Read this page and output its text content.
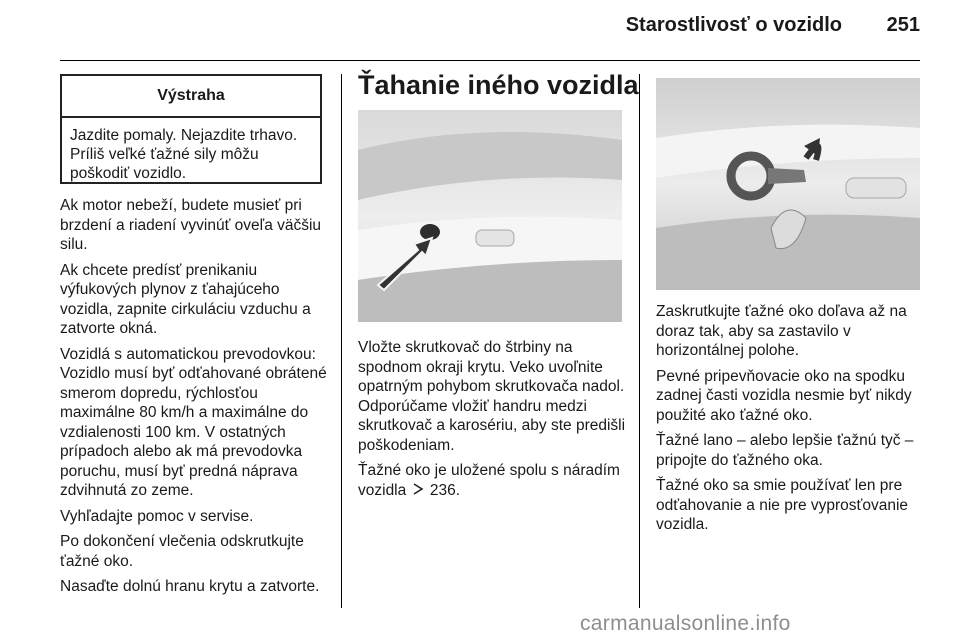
Starostlivosť o vozidlo 251
Výstraha
Jazdite pomaly. Nejazdite trhavo. Príliš veľké ťažné sily môžu poškodiť vozidlo.

Ak motor nebeží, budete musieť pri brzdení a riadení vyvinúť oveľa väčšiu silu.

Ak chcete predísť prenikaniu výfukových plynov z ťahajúceho vozidla, zapnite cirkuláciu vzduchu a zatvorte okná.

Vozidlá s automatickou prevodovkou: Vozidlo musí byť odťahované obrátené smerom dopredu, rýchlosťou maximálne 80 km/h a maximálne do vzdialenosti 100 km. V ostatných prípadoch alebo ak má prevodovka poruchu, musí byť predná náprava zdvihnutá zo zeme.

Vyhľadajte pomoc v servise.

Po dokončení vlečenia odskrutkujte ťažné oko.

Nasaďte dolnú hranu krytu a zatvorte.

Ťahanie iného vozidla

Vložte skrutkovač do štrbiny na spodnom okraji krytu. Veko uvoľnite opatrným pohybom skrutkovača nadol. Odporúčame vložiť handru medzi skrutkovač a karosériu, aby ste predišli poškodeniam.

Ťažné oko je uložené spolu s náradím vozidla 236.

Zaskrutkujte ťažné oko doľava až na doraz tak, aby sa zastavilo v horizontálnej polohe.

Pevné pripevňovacie oko na spodku zadnej časti vozidla nesmie byť nikdy použité ako ťažné oko.

Ťažné lano – alebo lepšie ťažnú tyč – pripojte do ťažného oka.

Ťažné oko sa smie používať len pre odťahovanie a nie pre vyprosťovanie vozidla.

carmanualsonline.info
